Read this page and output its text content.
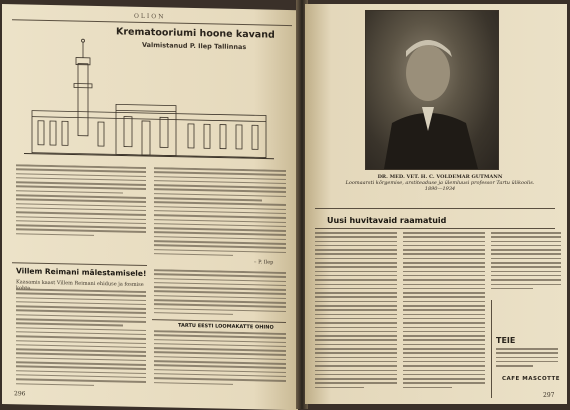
OLION
Krematooriumi hoone kavand
Valmistanud P. Ilep Tallinnas
– P. Ilep
Villem Reimani mälestamisele!
Kaasamis kaast Villem Reimani ehiduse ja fosmise
TARTU EESTI LOOMAKATTE OHINO
296
DR. MED. VET. H. C. VOLDEMAR GUTMANN
Loomaarsti kõrgemise, arstiteaduse ja ülemluusi professor Tartu ülikoolis. 1890—1934
Uusi huvitavaid raamatuid
TEIE
CAFE MASCOTTE
297
